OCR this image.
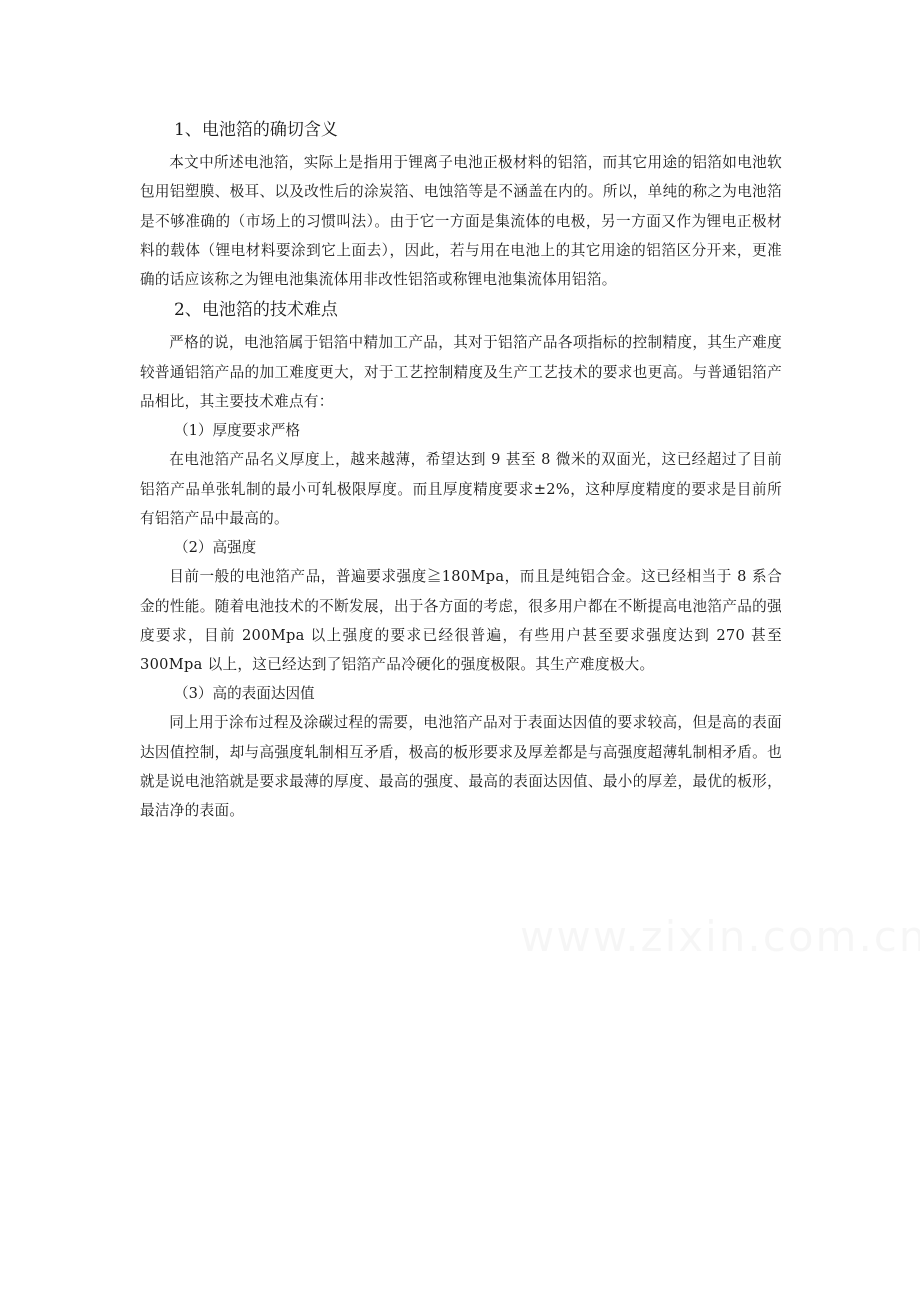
1、电池箔的确切含义

本文中所述电池箔，实际上是指用于锂离子电池正极材料的铝箔，而其它用途的铝箔如电池软包用铝塑膜、极耳、以及改性后的涂炭箔、电蚀箔等是不涵盖在内的。所以，单纯的称之为电池箔是不够准确的（市场上的习惯叫法）。由于它一方面是集流体的电极，另一方面又作为锂电正极材料的载体（锂电材料要涂到它上面去），因此，若与用在电池上的其它用途的铝箔区分开来，更准确的话应该称之为锂电池集流体用非改性铝箔或称锂电池集流体用铝箔。

2、电池箔的技术难点

严格的说，电池箔属于铝箔中精加工产品，其对于铝箔产品各项指标的控制精度，其生产难度较普通铝箔产品的加工难度更大，对于工艺控制精度及生产工艺技术的要求也更高。与普通铝箔产品相比，其主要技术难点有：

（1）厚度要求严格

在电池箔产品名义厚度上，越来越薄，希望达到 9 甚至 8 微米的双面光，这已经超过了目前铝箔产品单张轧制的最小可轧极限厚度。而且厚度精度要求±2%，这种厚度精度的要求是目前所有铝箔产品中最高的。

（2）高强度

目前一般的电池箔产品，普遍要求强度≧180Mpa，而且是纯铝合金。这已经相当于 8 系合金的性能。随着电池技术的不断发展，出于各方面的考虑，很多用户都在不断提高电池箔产品的强度要求，目前 200Mpa 以上强度的要求已经很普遍，有些用户甚至要求强度达到 270 甚至 300Mpa 以上，这已经达到了铝箔产品冷硬化的强度极限。其生产难度极大。

（3）高的表面达因值

同上用于涂布过程及涂碳过程的需要，电池箔产品对于表面达因值的要求较高，但是高的表面达因值控制，却与高强度轧制相互矛盾，极高的板形要求及厚差都是与高强度超薄轧制相矛盾。也就是说电池箔就是要求最薄的厚度、最高的强度、最高的表面达因值、最小的厚差，最优的板形，最洁净的表面。
